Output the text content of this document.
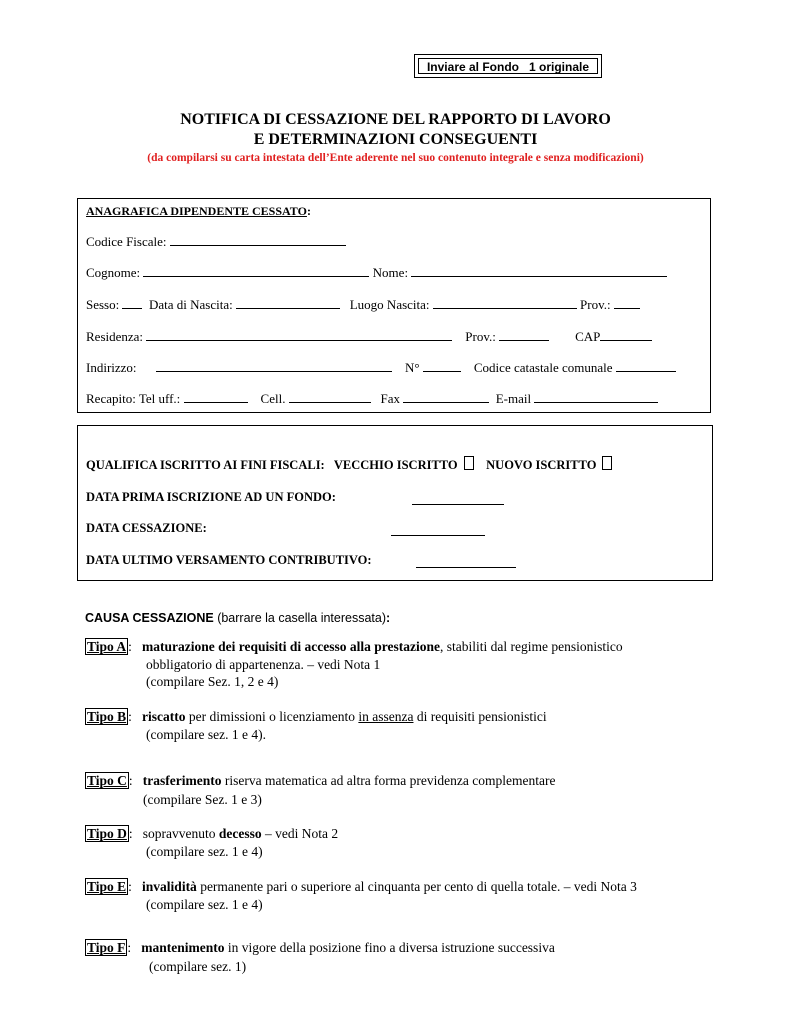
Inviare al Fondo   1 originale
NOTIFICA DI CESSAZIONE DEL RAPPORTO DI LAVORO
E DETERMINAZIONI CONSEGUENTI
(da compilarsi su carta intestata dell’Ente aderente nel suo contenuto integrale e senza modificazioni)
ANAGRAFICA DIPENDENTE CESSATO:
Codice Fiscale:
Cognome:	Nome:
Sesso: Data di Nascita:	Luogo Nascita:	Prov.:
Residenza:	Prov.:	CAP
Indirizzo:	N°	Codice catastale comunale
Recapito: Tel uff.:	Cell.	Fax	E-mail
QUALIFICA ISCRITTO AI FINI FISCALI: VECCHIO ISCRITTO NUOVO ISCRITTO
DATA PRIMA ISCRIZIONE AD UN FONDO:
DATA CESSAZIONE:
DATA ULTIMO VERSAMENTO CONTRIBUTIVO:
CAUSA CESSAZIONE (barrare la casella interessata):
Tipo A :   maturazione dei requisiti di accesso alla prestazione, stabiliti dal regime pensionistico
obbligatorio di appartenenza. – vedi Nota 1
(compilare Sez. 1, 2 e 4)
Tipo B :   riscatto per dimissioni o licenziamento in assenza di requisiti pensionistici
(compilare sez. 1 e 4).
Tipo C :   trasferimento riserva matematica ad altra forma previdenza complementare
(compilare Sez. 1 e 3)
Tipo D :   sopravvenuto decesso – vedi Nota 2
(compilare sez. 1 e 4)
Tipo E :   invalidità permanente pari o superiore al cinquanta per cento di quella totale. – vedi Nota 3
(compilare sez. 1 e 4)
Tipo F :   mantenimento in vigore della posizione fino a diversa istruzione successiva
(compilare sez. 1)
